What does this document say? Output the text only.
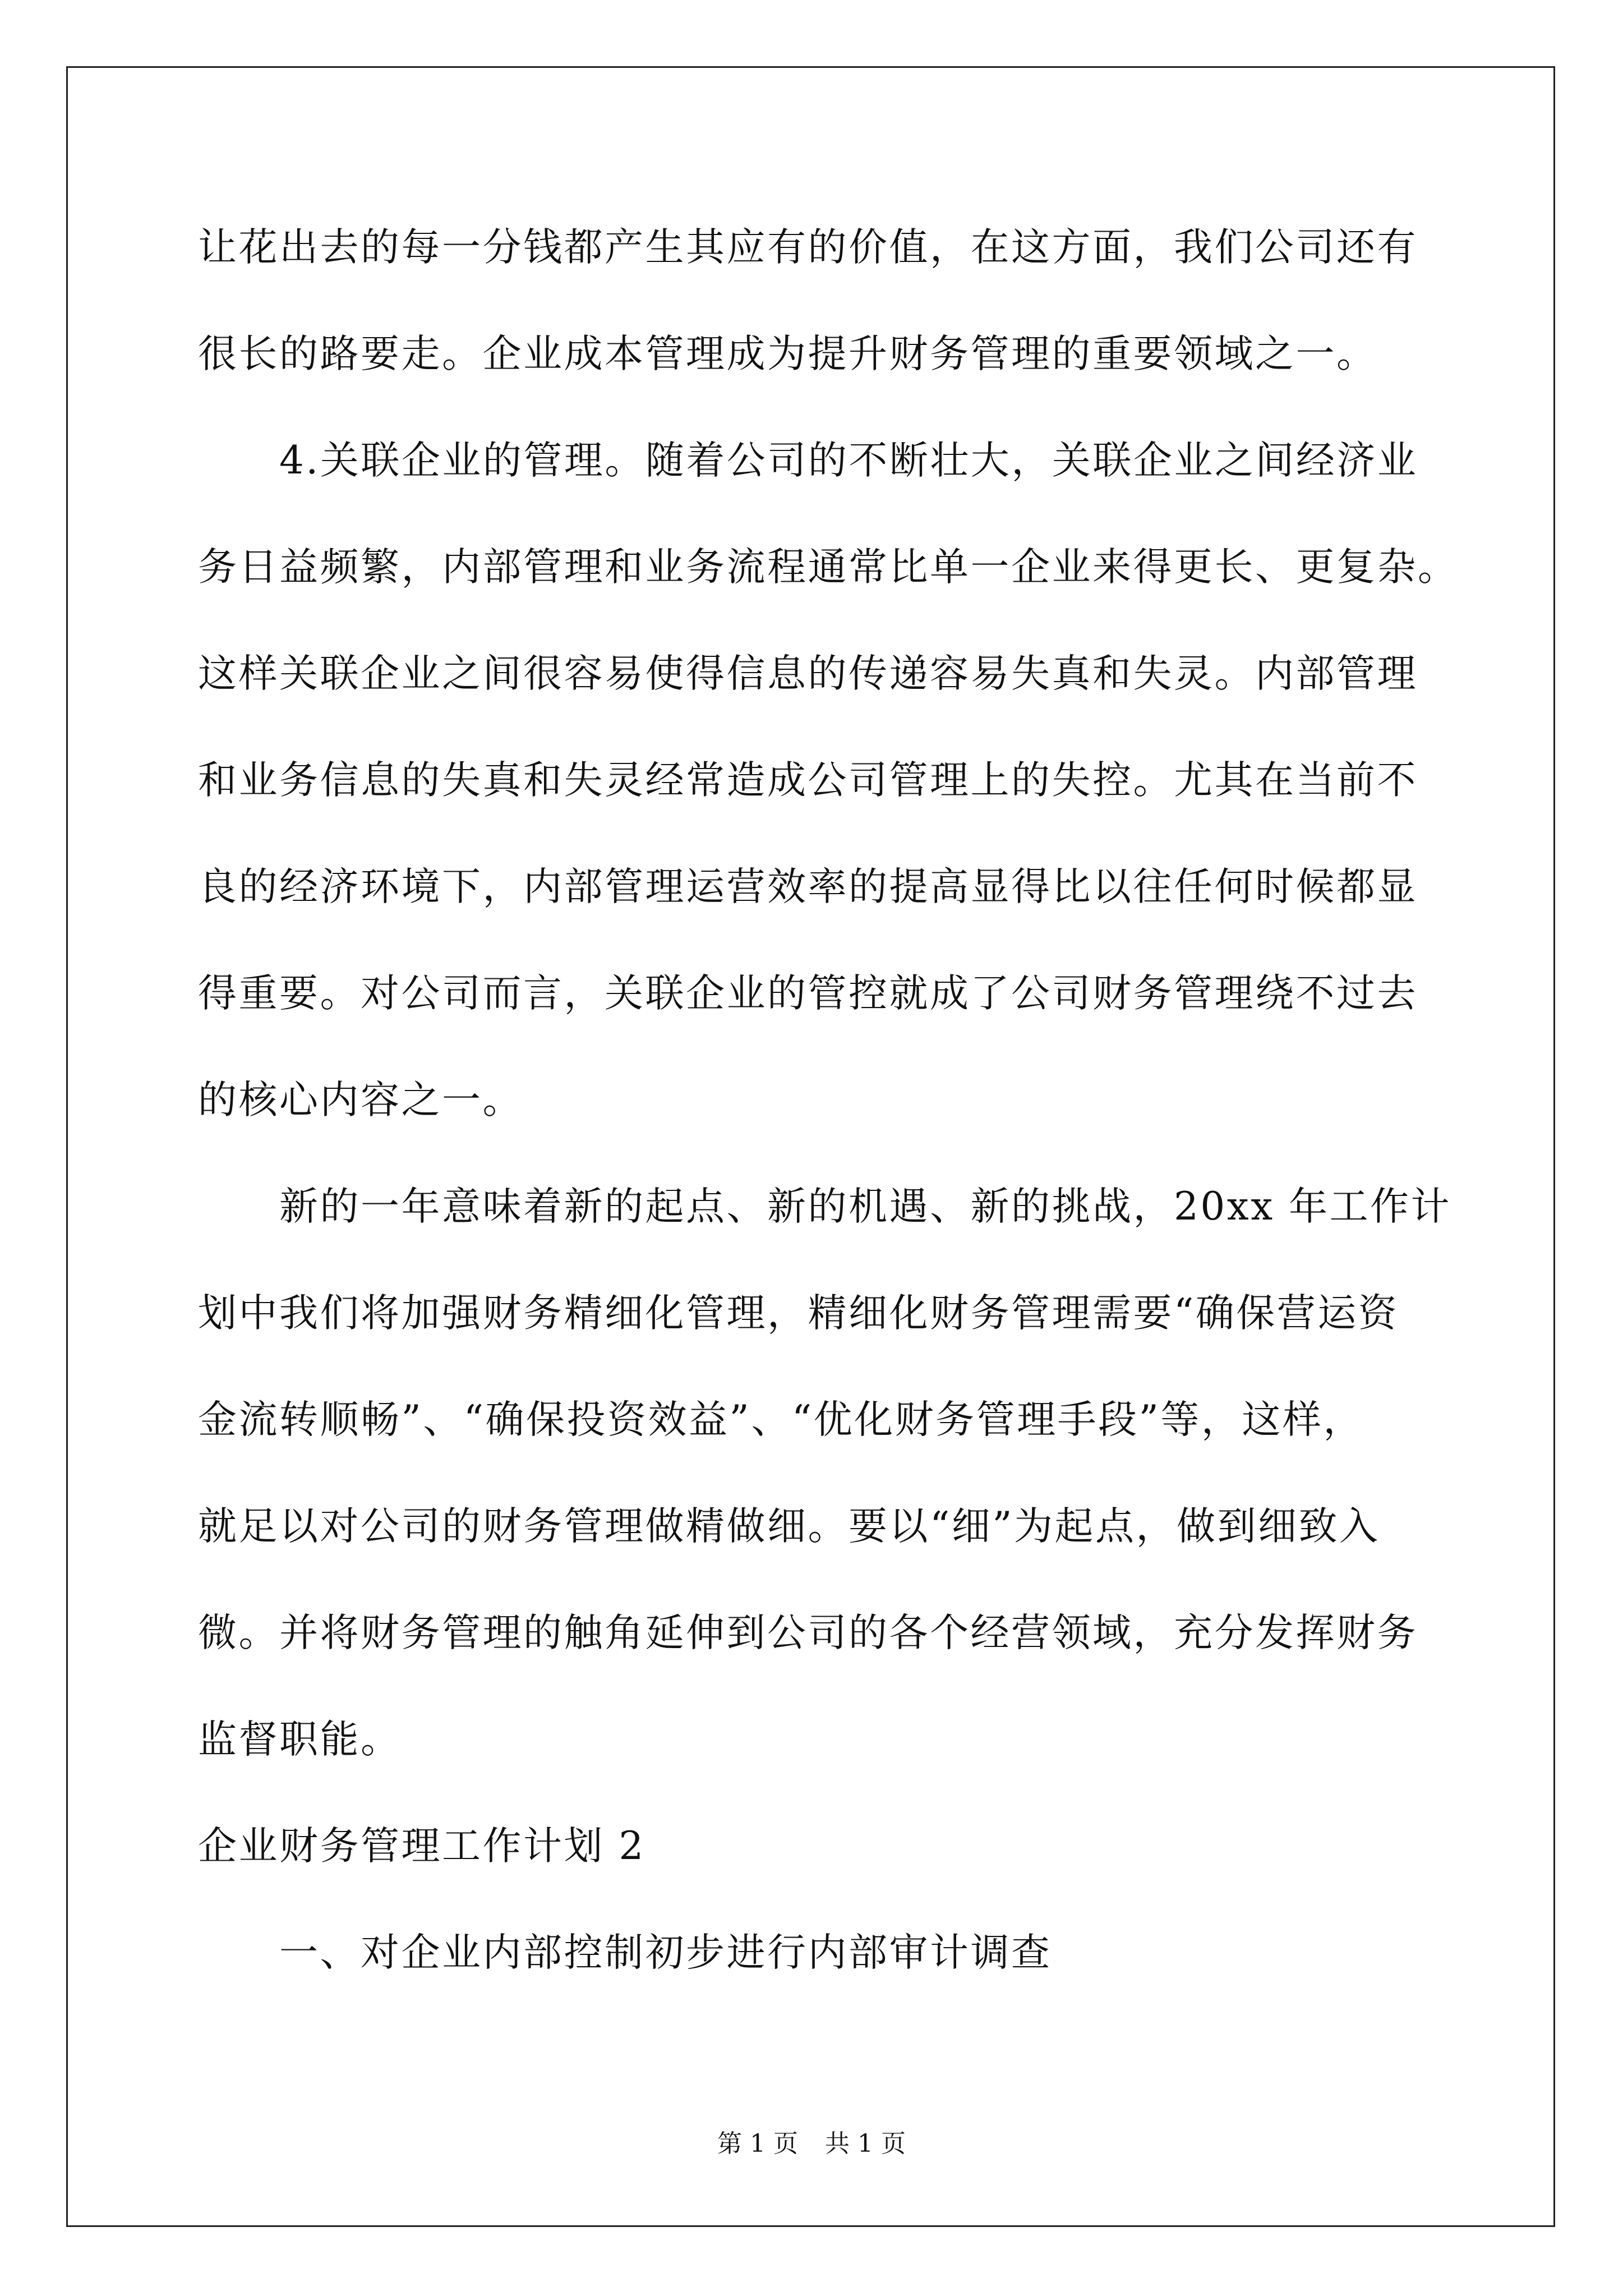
让花出去的每一分钱都产生其应有的价值，在这方面，我们公司还有
很长的路要走。企业成本管理成为提升财务管理的重要领域之一。
　　4.关联企业的管理。随着公司的不断壮大，关联企业之间经济业
务日益频繁，内部管理和业务流程通常比单一企业来得更长、更复杂。
这样关联企业之间很容易使得信息的传递容易失真和失灵。内部管理
和业务信息的失真和失灵经常造成公司管理上的失控。尤其在当前不
良的经济环境下，内部管理运营效率的提高显得比以往任何时候都显
得重要。对公司而言，关联企业的管控就成了公司财务管理绕不过去
的核心内容之一。
　　新的一年意味着新的起点、新的机遇、新的挑战，20xx 年工作计
划中我们将加强财务精细化管理，精细化财务管理需要“确保营运资
金流转顺畅”、“确保投资效益”、“优化财务管理手段”等，这样，
就足以对公司的财务管理做精做细。要以“细”为起点，做到细致入
微。并将财务管理的触角延伸到公司的各个经营领域，充分发挥财务
监督职能。
企业财务管理工作计划 2
　　一、对企业内部控制初步进行内部审计调查
第 1 页 共 1 页
